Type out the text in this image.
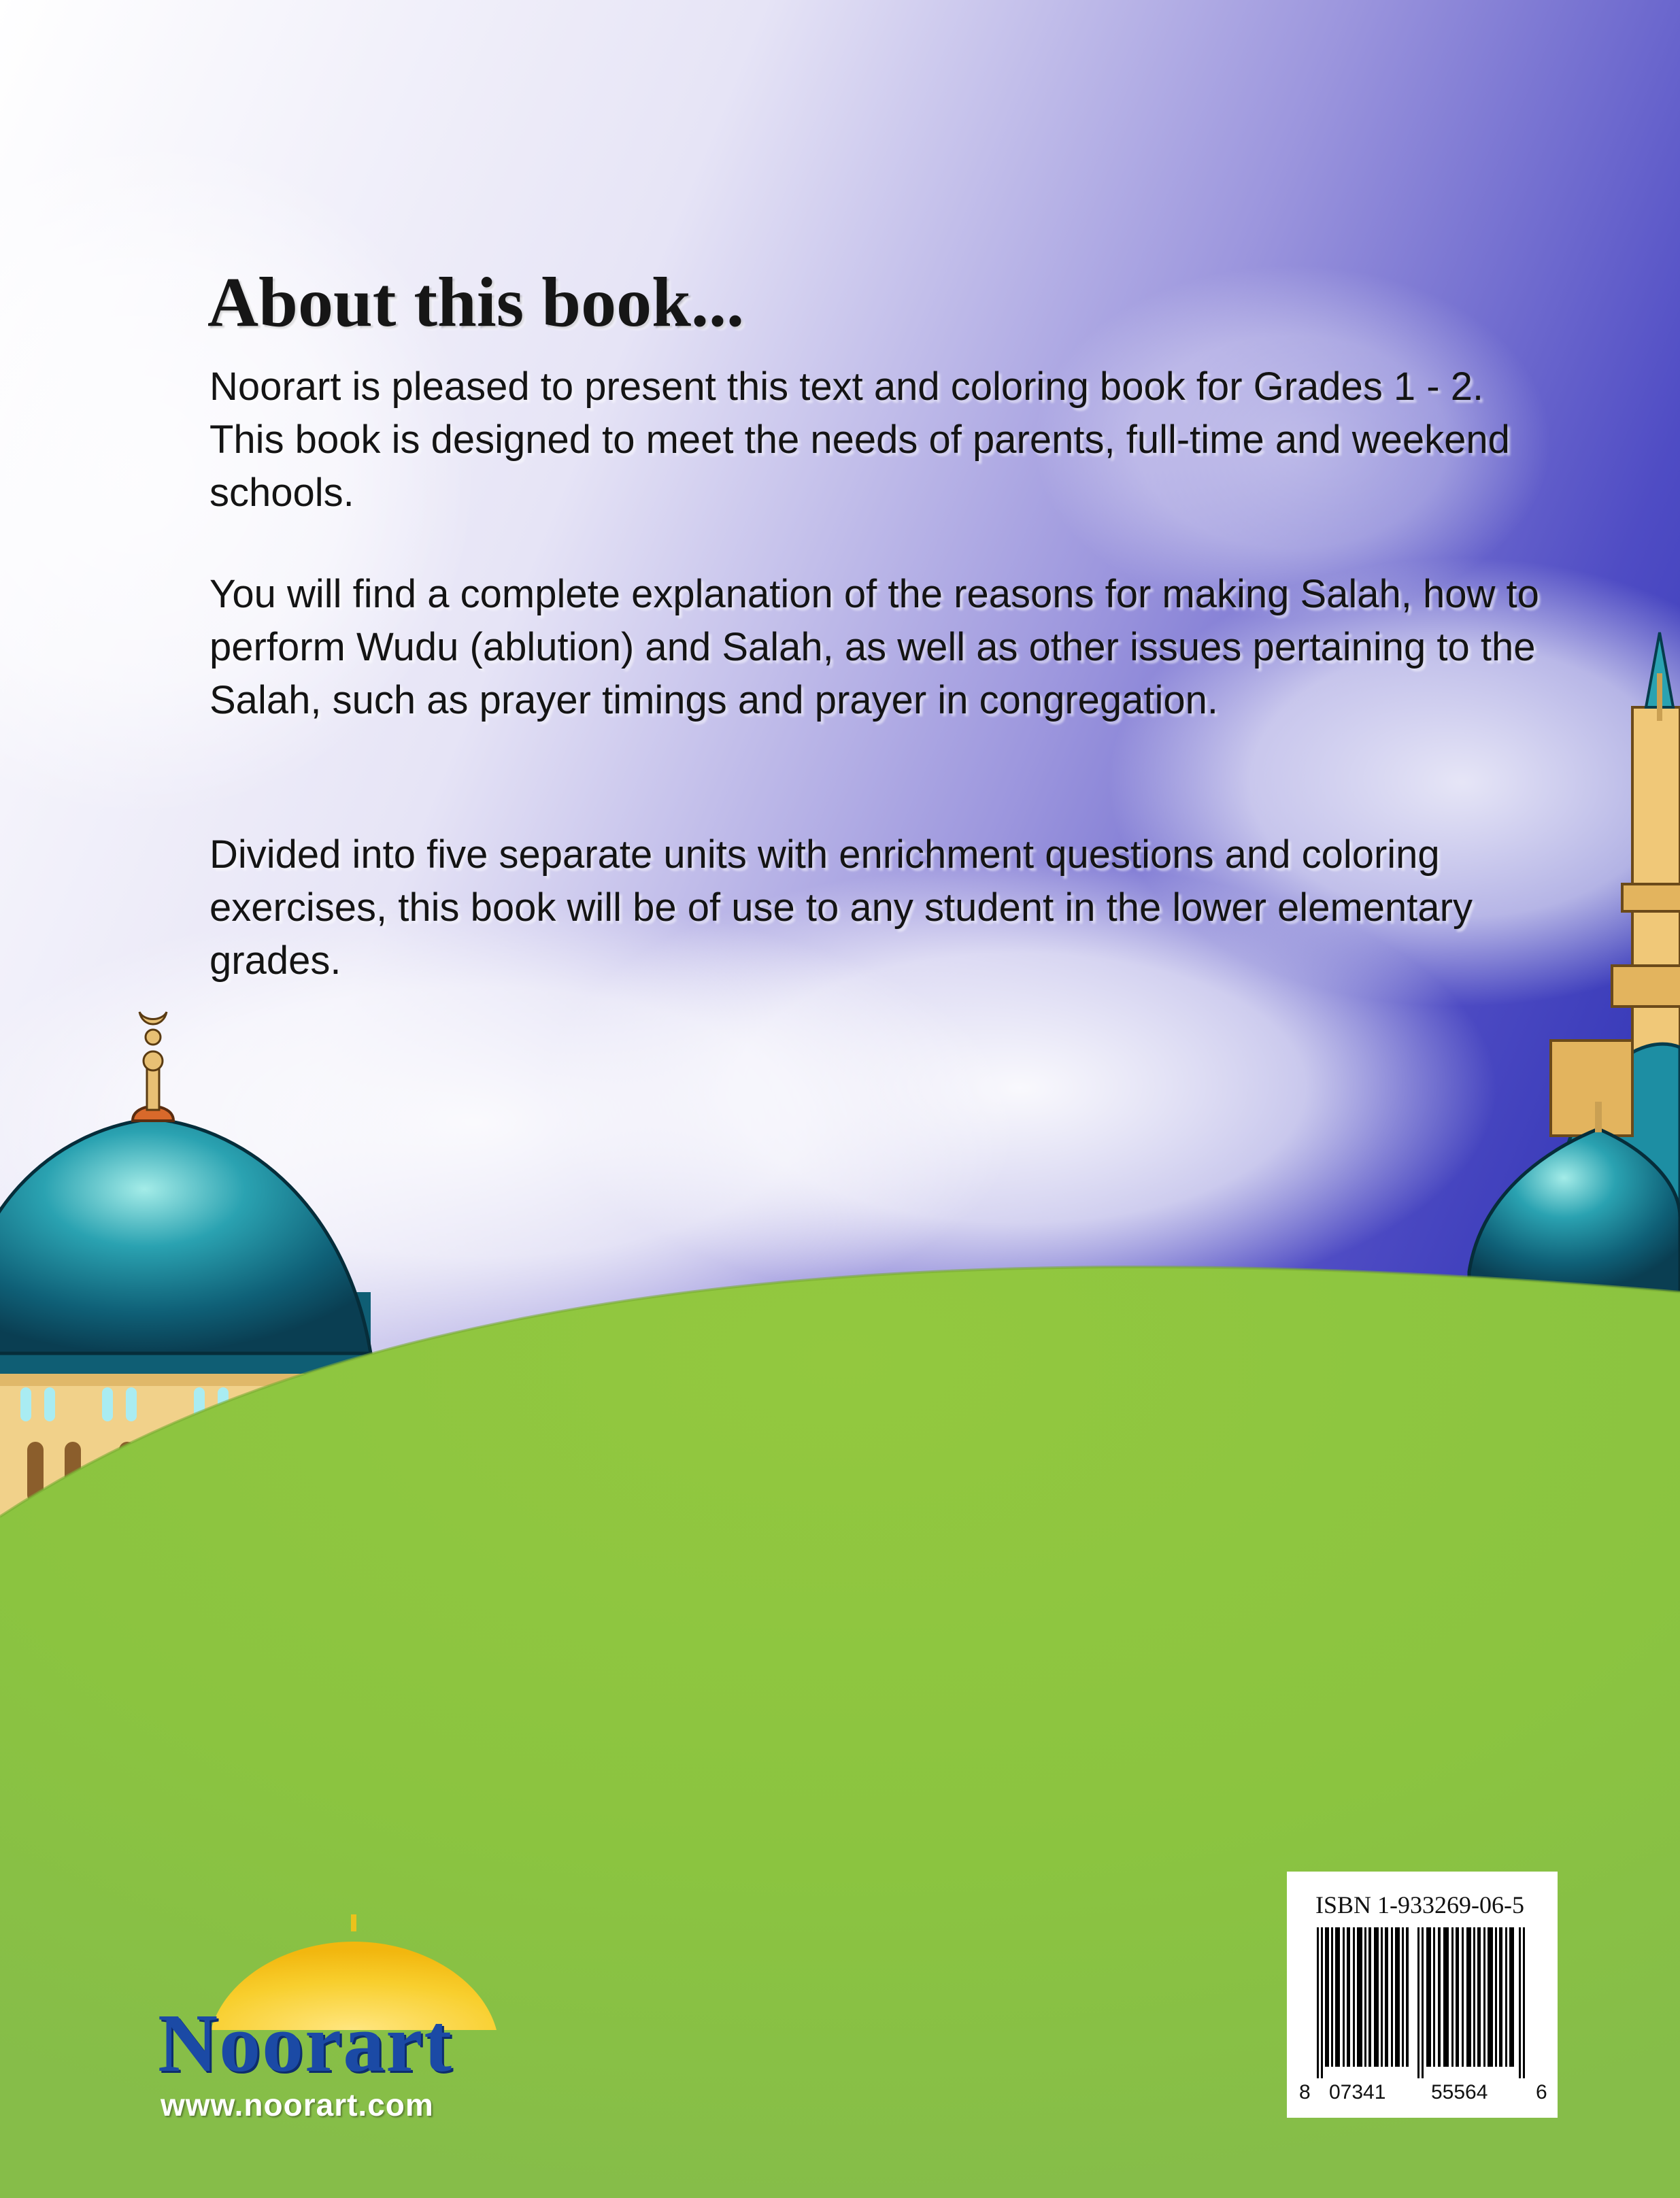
About this book...

Noorart is pleased to present this text and coloring book for Grades 1 - 2. This book is designed to meet the needs of parents, full-time and weekend schools.

You will find a complete explanation of the reasons for making Salah, how to perform Wudu (ablution) and Salah, as well as other issues pertaining to the Salah, such as prayer timings and prayer in congregation.

Divided into five separate units with enrichment questions and coloring exercises, this book will be of use to any student in the lower elementary grades.

Noorart
www.noorart.com

ISBN 1-933269-06-5

8 07341 55564 6
